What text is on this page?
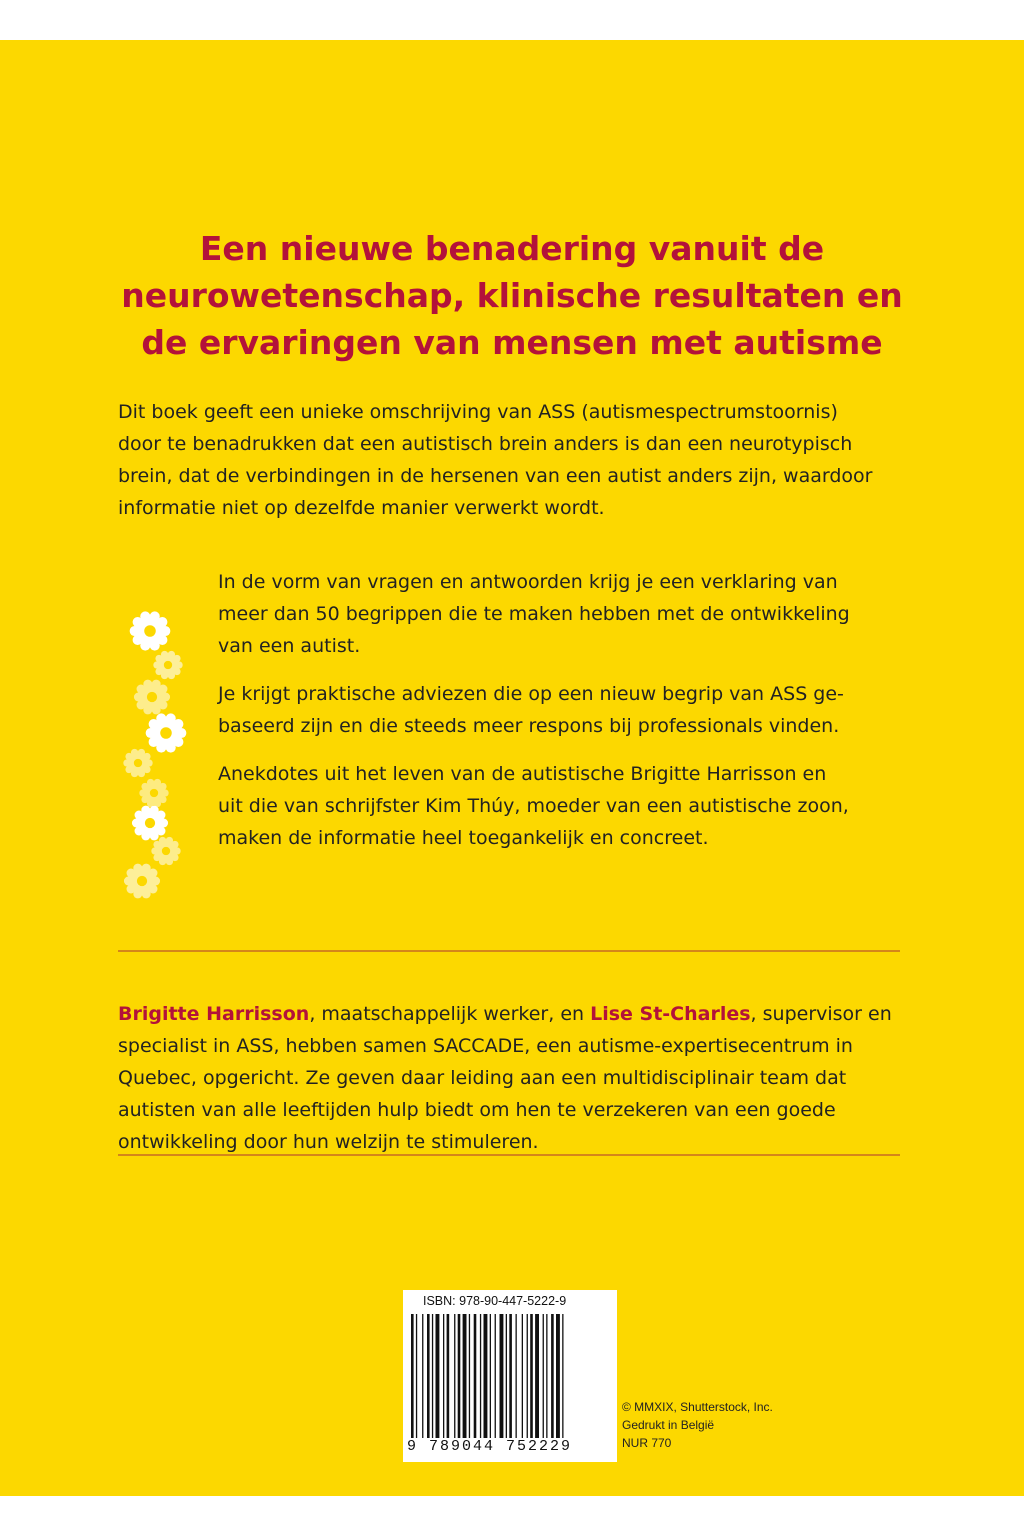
Een nieuwe benadering vanuit de
neurowetenschap, klinische resultaten en
de ervaringen van mensen met autisme
Dit boek geeft een unieke omschrijving van ASS (autismespectrumstoornis)
door te benadrukken dat een autistisch brein anders is dan een neurotypisch
brein, dat de verbindingen in de hersenen van een autist anders zijn, waardoor
informatie niet op dezelfde manier verwerkt wordt.
In de vorm van vragen en antwoorden krijg je een verklaring van
meer dan 50 begrippen die te maken hebben met de ontwikkeling
van een autist.
Je krijgt praktische adviezen die op een nieuw begrip van ASS ge-
baseerd zijn en die steeds meer respons bij professionals vinden.
Anekdotes uit het leven van de autistische Brigitte Harrisson en
uit die van schrijfster Kim Thúy, moeder van een autistische zoon,
maken de informatie heel toegankelijk en concreet.
Brigitte Harrisson, maatschappelijk werker, en Lise St-Charles, supervisor en
specialist in ASS, hebben samen SACCADE, een autisme-expertisecentrum in
Quebec, opgericht. Ze geven daar leiding aan een multidisciplinair team dat
autisten van alle leeftijden hulp biedt om hen te verzekeren van een goede
ontwikkeling door hun welzijn te stimuleren.
ISBN: 978-90-447-5222-9
9 789044 752229
© MMXIX, Shutterstock, Inc.
Gedrukt in België
NUR 770
